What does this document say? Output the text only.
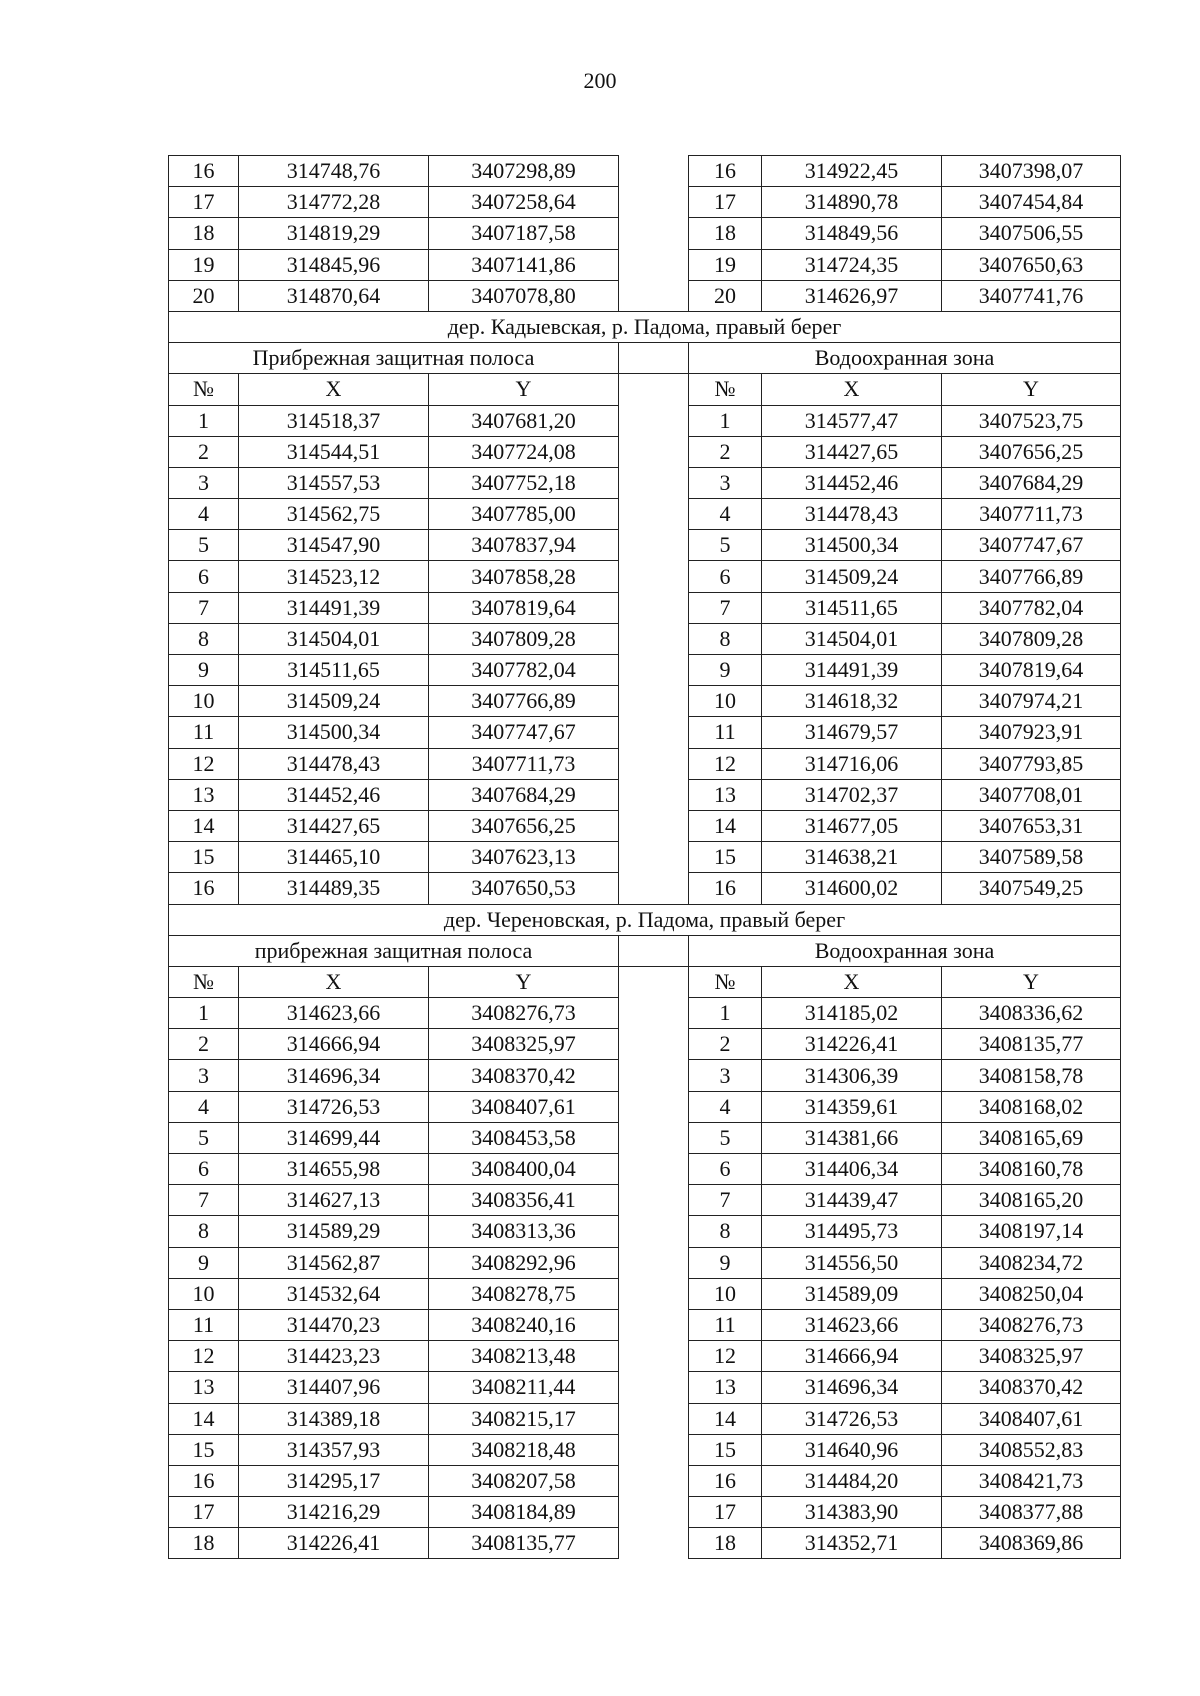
200
16	314748,76	3407298,89		16	314922,45	3407398,07
17	314772,28	3407258,64		17	314890,78	3407454,84
18	314819,29	3407187,58		18	314849,56	3407506,55
19	314845,96	3407141,86		19	314724,35	3407650,63
20	314870,64	3407078,80		20	314626,97	3407741,76
дер. Кадыевская, р. Падома, правый берег						
Прибрежная защитная полоса				Водоохранная зона		
№	X	Y		№	X	Y
1	314518,37	3407681,20		1	314577,47	3407523,75
2	314544,51	3407724,08		2	314427,65	3407656,25
3	314557,53	3407752,18		3	314452,46	3407684,29
4	314562,75	3407785,00		4	314478,43	3407711,73
5	314547,90	3407837,94		5	314500,34	3407747,67
6	314523,12	3407858,28		6	314509,24	3407766,89
7	314491,39	3407819,64		7	314511,65	3407782,04
8	314504,01	3407809,28		8	314504,01	3407809,28
9	314511,65	3407782,04		9	314491,39	3407819,64
10	314509,24	3407766,89		10	314618,32	3407974,21
11	314500,34	3407747,67		11	314679,57	3407923,91
12	314478,43	3407711,73		12	314716,06	3407793,85
13	314452,46	3407684,29		13	314702,37	3407708,01
14	314427,65	3407656,25		14	314677,05	3407653,31
15	314465,10	3407623,13		15	314638,21	3407589,58
16	314489,35	3407650,53		16	314600,02	3407549,25
дер. Череновская, р. Падома, правый берег						
прибрежная защитная полоса				Водоохранная зона		
№	X	Y		№	X	Y
1	314623,66	3408276,73		1	314185,02	3408336,62
2	314666,94	3408325,97		2	314226,41	3408135,77
3	314696,34	3408370,42		3	314306,39	3408158,78
4	314726,53	3408407,61		4	314359,61	3408168,02
5	314699,44	3408453,58		5	314381,66	3408165,69
6	314655,98	3408400,04		6	314406,34	3408160,78
7	314627,13	3408356,41		7	314439,47	3408165,20
8	314589,29	3408313,36		8	314495,73	3408197,14
9	314562,87	3408292,96		9	314556,50	3408234,72
10	314532,64	3408278,75		10	314589,09	3408250,04
11	314470,23	3408240,16		11	314623,66	3408276,73
12	314423,23	3408213,48		12	314666,94	3408325,97
13	314407,96	3408211,44		13	314696,34	3408370,42
14	314389,18	3408215,17		14	314726,53	3408407,61
15	314357,93	3408218,48		15	314640,96	3408552,83
16	314295,17	3408207,58		16	314484,20	3408421,73
17	314216,29	3408184,89		17	314383,90	3408377,88
18	314226,41	3408135,77		18	314352,71	3408369,86
